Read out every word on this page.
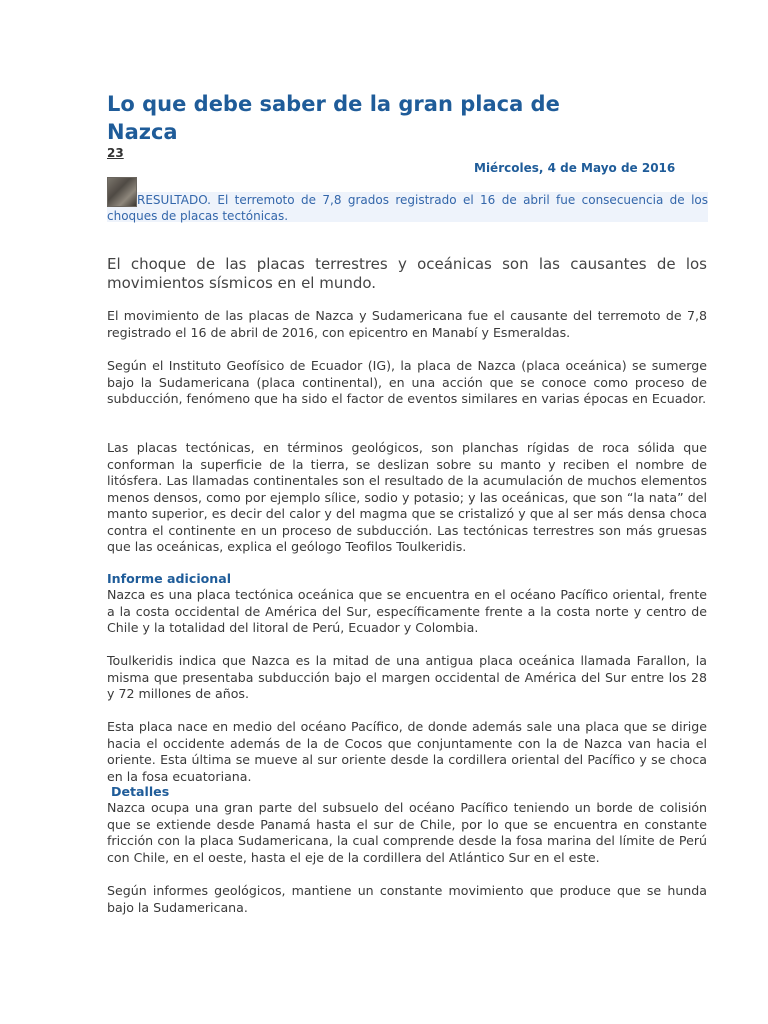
Lo que debe saber de la gran placa de Nazca
23
Miércoles, 4 de Mayo de 2016
RESULTADO. El terremoto de 7,8 grados registrado el 16 de abril fue consecuencia de los choques de placas tectónicas.

El choque de las placas terrestres y oceánicas son las causantes de los movimientos sísmicos en el mundo.

El movimiento de las placas de Nazca y Sudamericana fue el causante del terremoto de 7,8 registrado el 16 de abril de 2016, con epicentro en Manabí y Esmeraldas.

Según el Instituto Geofísico de Ecuador (IG), la placa de Nazca (placa oceánica) se sumerge bajo la Sudamericana (placa continental), en una acción que se conoce como proceso de subducción, fenómeno que ha sido el factor de eventos similares en varias épocas en Ecuador.

Las placas tectónicas, en términos geológicos, son planchas rígidas de roca sólida que conforman la superficie de la tierra, se deslizan sobre su manto y reciben el nombre de litósfera. Las llamadas continentales son el resultado de la acumulación de muchos elementos menos densos, como por ejemplo sílice, sodio y potasio; y las oceánicas, que son “la nata” del manto superior, es decir del calor y del magma que se cristalizó y que al ser más densa choca contra el continente en un proceso de subducción. Las tectónicas terrestres son más gruesas que las oceánicas, explica el geólogo Teofilos Toulkeridis.

Informe adicional

Nazca es una placa tectónica oceánica que se encuentra en el océano Pacífico oriental, frente a la costa occidental de América del Sur, específicamente frente a la costa norte y centro de Chile y la totalidad del litoral de Perú, Ecuador y Colombia.

Toulkeridis indica que Nazca es la mitad de una antigua placa oceánica llamada Farallon, la misma que presentaba subducción bajo el margen occidental de América del Sur entre los 28 y 72 millones de años.

Esta placa nace en medio del océano Pacífico, de donde además sale una placa que se dirige hacia el occidente además de la de Cocos que conjuntamente con la de Nazca van hacia el oriente. Esta última se mueve al sur oriente desde la cordillera oriental del Pacífico y se choca en la fosa ecuatoriana.

Detalles

Nazca ocupa una gran parte del subsuelo del océano Pacífico teniendo un borde de colisión que se extiende desde Panamá hasta el sur de Chile, por lo que se encuentra en constante fricción con la placa Sudamericana, la cual comprende desde la fosa marina del límite de Perú con Chile, en el oeste, hasta el eje de la cordillera del Atlántico Sur en el este.

Según informes geológicos, mantiene un constante movimiento que produce que se hunda bajo la Sudamericana.
